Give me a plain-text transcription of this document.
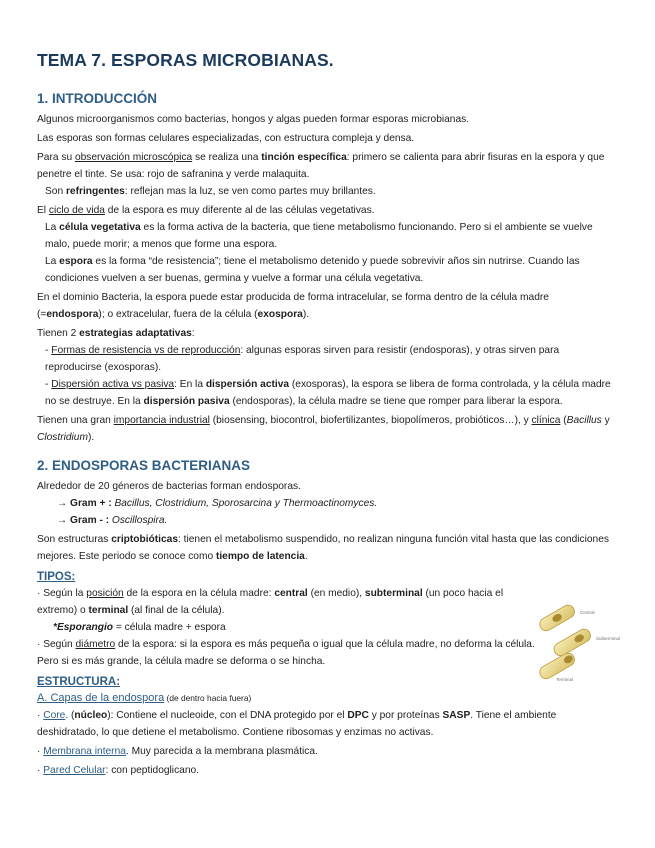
TEMA 7. ESPORAS MICROBIANAS.
1. INTRODUCCIÓN

Algunos microorganismos como bacterias, hongos y algas pueden formar esporas microbianas.

Las esporas son formas celulares especializadas, con estructura compleja y densa.

Para su observación microscópica se realiza una tinción específica: primero se calienta para abrir fisuras en la espora y que penetre el tinte. Se usa: rojo de safranina y verde malaquita.

Son refringentes: reflejan mas la luz, se ven como partes muy brillantes.

El ciclo de vida de la espora es muy diferente al de las células vegetativas.

La célula vegetativa es la forma activa de la bacteria, que tiene metabolismo funcionando. Pero si el ambiente se vuelve malo, puede morir; a menos que forme una espora.

La espora es la forma “de resistencia”; tiene el metabolismo detenido y puede sobrevivir años sin nutrirse. Cuando las condiciones vuelven a ser buenas, germina y vuelve a formar una célula vegetativa.

En el dominio Bacteria, la espora puede estar producida de forma intracelular, se forma dentro de la célula madre (=endospora); o extracelular, fuera de la célula (exospora).

Tienen 2 estrategias adaptativas:

- Formas de resistencia vs de reproducción: algunas esporas sirven para resistir (endosporas), y otras sirven para reproducirse (exosporas).

- Dispersión activa vs pasiva: En la dispersión activa (exosporas), la espora se libera de forma controlada, y la célula madre no se destruye. En la dispersión pasiva (endosporas), la célula madre se tiene que romper para liberar la espora.

Tienen una gran importancia industrial (biosensing, biocontrol, biofertilizantes, biopolímeros, probióticos…), y clínica (Bacillus y Clostridium).

2. ENDOSPORAS BACTERIANAS

Alrededor de 20 géneros de bacterias forman endosporas.

→ Gram + : Bacillus, Clostridium, Sporosarcina y Thermoactinomyces.

→ Gram - : Oscillospira.

Son estructuras criptobióticas: tienen el metabolismo suspendido, no realizan ninguna función vital hasta que las condiciones mejores. Este periodo se conoce como tiempo de latencia.

TIPOS:

· Según la posición de la espora en la célula madre: central (en medio), subterminal (un poco hacia el extremo) o terminal (al final de la célula).

*Esporangio = célula madre + espora

· Según diámetro de la espora: si la espora es más pequeña o igual que la célula madre, no deforma la célula. Pero si es más grande, la célula madre se deforma o se hincha.

ESTRUCTURA:

A. Capas de la endospora (de dentro hacia fuera)

· Core. (núcleo): Contiene el nucleoide, con el DNA protegido por el DPC y por proteínas SASP. Tiene el ambiente deshidratado, lo que detiene el metabolismo. Contiene ribosomas y enzimas no activas.

· Membrana interna. Muy parecida a la membrana plasmática.

· Pared Celular: con peptidoglicano.

Central
Subterminal
Terminal
